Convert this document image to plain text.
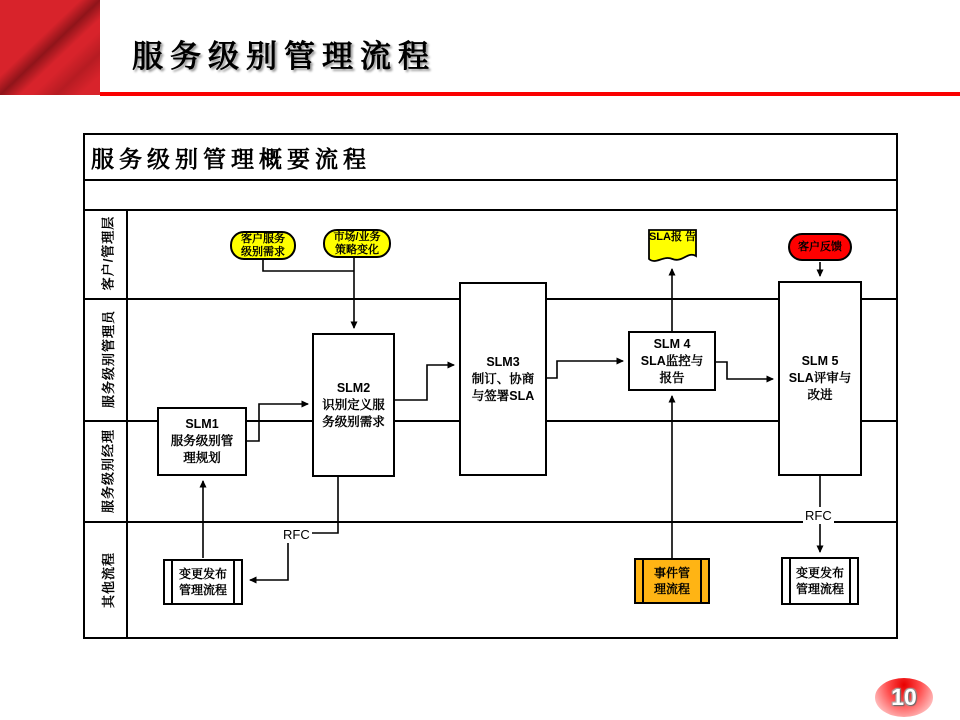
服务级别管理流程
服务级别管理概要流程
客户/管理层
服务级别管理员
服务级别经理
其他流程
客户服务
级别需求
市场/业务
策略变化
SLA报 告
客户反馈
SLM1
服务级别管
理规划
SLM2
识别定义服
务级别需求
SLM3
制订、协商
与签署SLA
SLM 4
SLA监控与
报告
SLM 5
SLA评审与
改进
变更发布
管理流程
事件管
理流程
变更发布
管理流程
RFC
RFC
10
